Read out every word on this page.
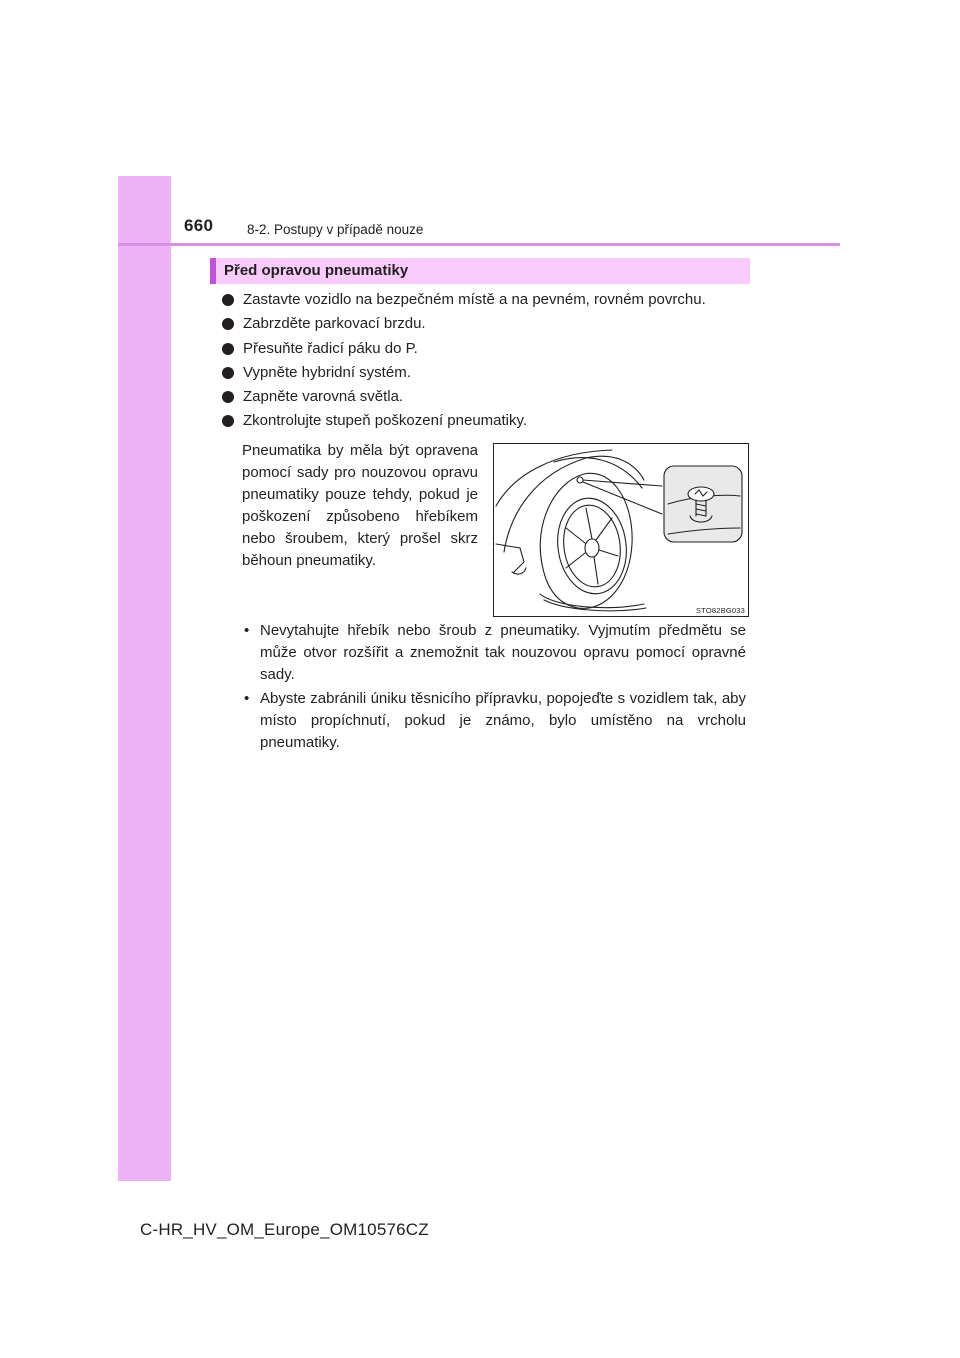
660 8-2. Postupy v případě nouze
Před opravou pneumatiky
Zastavte vozidlo na bezpečném místě a na pevném, rovném povrchu.
Zabrzděte parkovací brzdu.
Přesuňte řadicí páku do P.
Vypněte hybridní systém.
Zapněte varovná světla.
Zkontrolujte stupeň poškození pneumatiky.
Pneumatika by měla být opravena pomocí sady pro nouzovou opravu pneumatiky pouze tehdy, pokud je poškození způsobeno hřebíkem nebo šroubem, který prošel skrz běhoun pneumatiky.
STO82BG033
• Nevytahujte hřebík nebo šroub z pneumatiky. Vyjmutím předmětu se může otvor rozšířit a znemožnit tak nouzovou opravu pomocí opravné sady.
• Abyste zabránili úniku těsnicího přípravku, popojeďte s vozidlem tak, aby místo propíchnutí, pokud je známo, bylo umístěno na vrcholu pneumatiky.
C-HR_HV_OM_Europe_OM10576CZ
